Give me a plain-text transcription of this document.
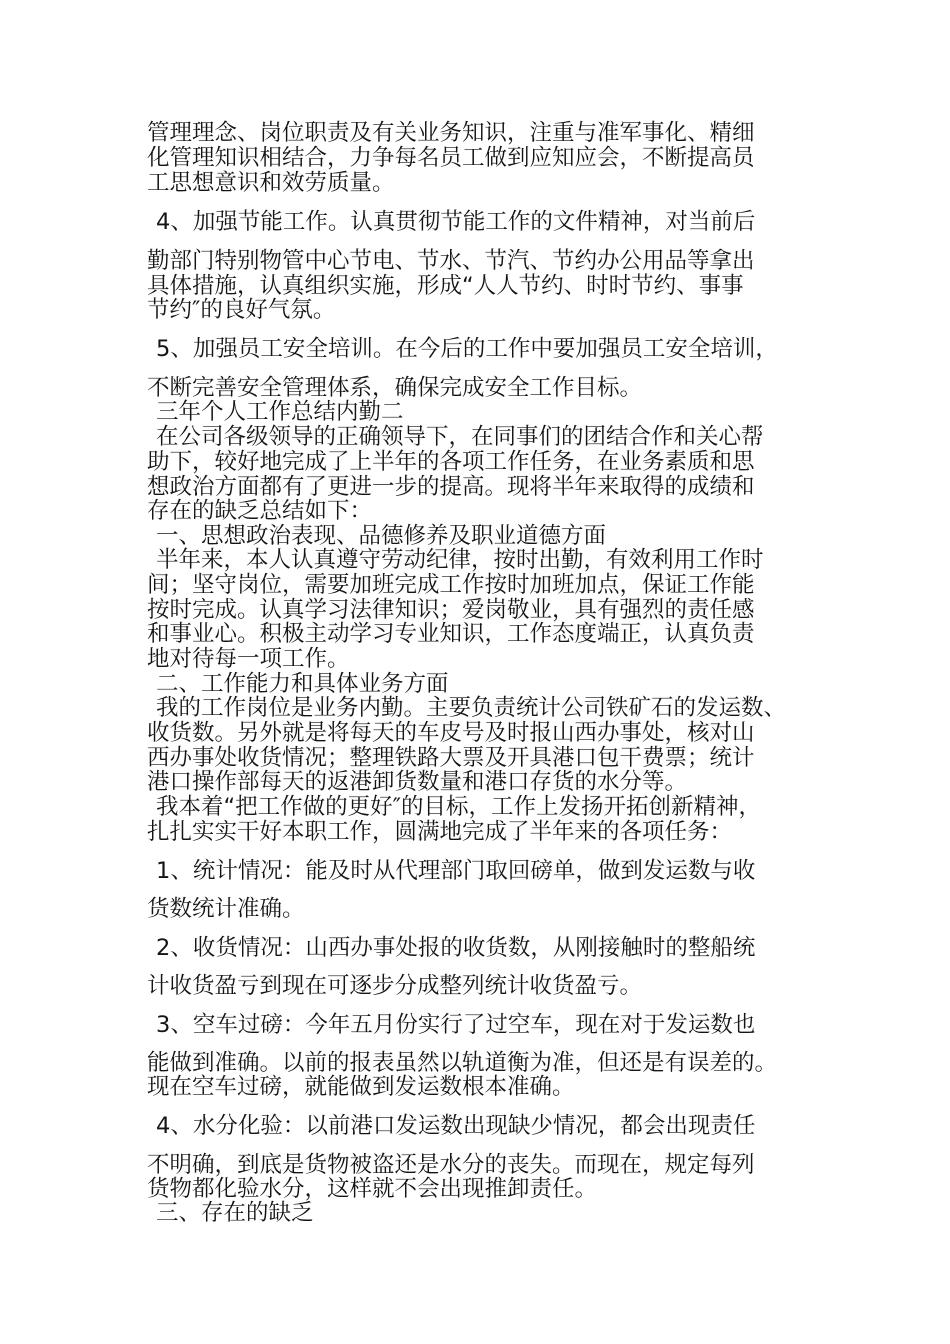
管理理念、岗位职责及有关业务知识，注重与准军事化、精细
化管理知识相结合，力争每名员工做到应知应会，不断提高员
工思想意识和效劳质量。
4、加强节能工作。认真贯彻节能工作的文件精神，对当前后
勤部门特别物管中心节电、节水、节汽、节约办公用品等拿出
具体措施，认真组织实施，形成“人人节约、时时节约、事事
节约″的良好气氛。
5、加强员工安全培训。在今后的工作中要加强员工安全培训，
不断完善安全管理体系，确保完成安全工作目标。
三年个人工作总结内勤二
在公司各级领导的正确领导下，在同事们的团结合作和关心帮
助下，较好地完成了上半年的各项工作任务，在业务素质和思
想政治方面都有了更进一步的提高。现将半年来取得的成绩和
存在的缺乏总结如下：
一、思想政治表现、品德修养及职业道德方面
半年来，本人认真遵守劳动纪律，按时出勤，有效利用工作时
间；坚守岗位，需要加班完成工作按时加班加点，保证工作能
按时完成。认真学习法律知识；爱岗敬业，具有强烈的责任感
和事业心。积极主动学习专业知识，工作态度端正，认真负责
地对待每一项工作。
二、工作能力和具体业务方面
我的工作岗位是业务内勤。主要负责统计公司铁矿石的发运数、
收货数。另外就是将每天的车皮号及时报山西办事处，核对山
西办事处收货情况；整理铁路大票及开具港口包干费票；统计
港口操作部每天的返港卸货数量和港口存货的水分等。
我本着“把工作做的更好″的目标，工作上发扬开拓创新精神，
扎扎实实干好本职工作，圆满地完成了半年来的各项任务：
1、统计情况：能及时从代理部门取回磅单，做到发运数与收
货数统计准确。
2、收货情况：山西办事处报的收货数，从刚接触时的整船统
计收货盈亏到现在可逐步分成整列统计收货盈亏。
3、空车过磅：今年五月份实行了过空车，现在对于发运数也
能做到准确。以前的报表虽然以轨道衡为准，但还是有误差的。
现在空车过磅，就能做到发运数根本准确。
4、水分化验：以前港口发运数出现缺少情况，都会出现责任
不明确，到底是货物被盗还是水分的丧失。而现在，规定每列
货物都化验水分，这样就不会出现推卸责任。
三、存在的缺乏
